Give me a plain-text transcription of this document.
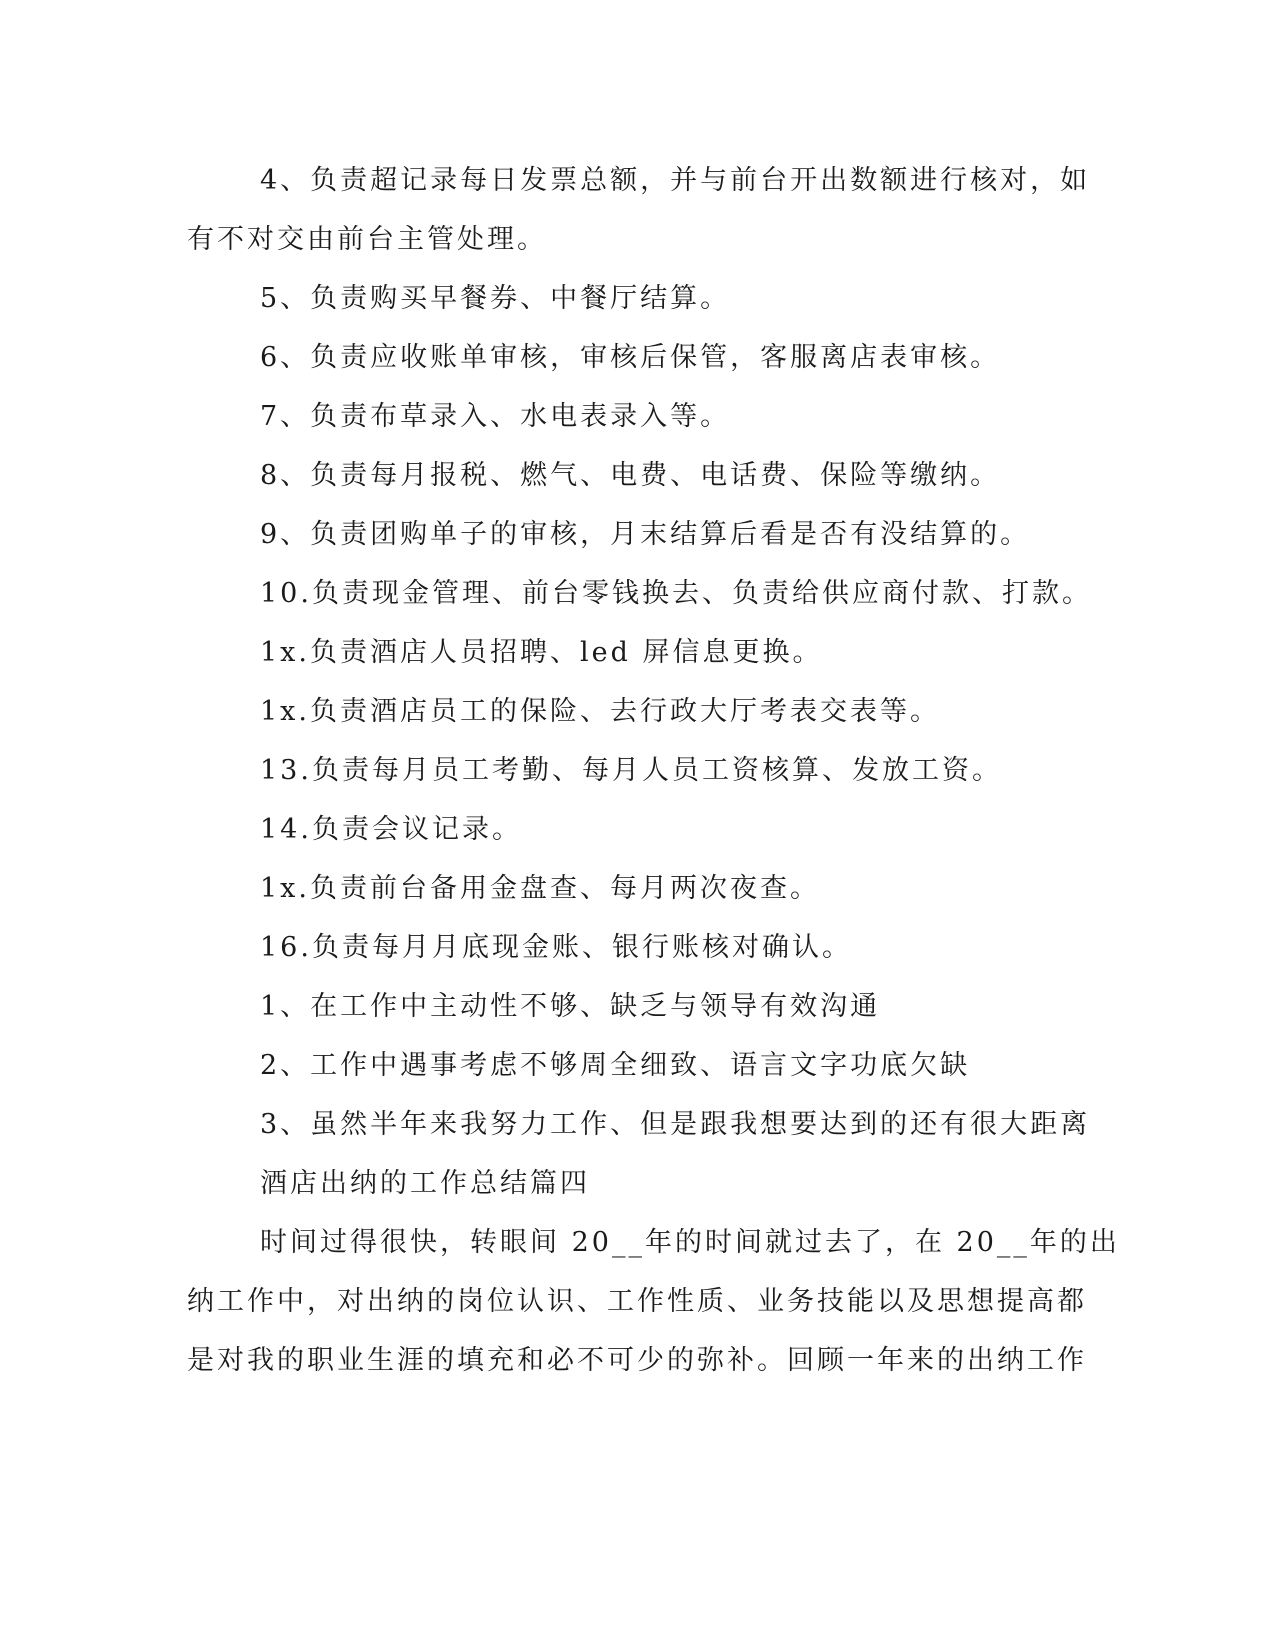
4、负责超记录每日发票总额，并与前台开出数额进行核对，如
有不对交由前台主管处理。
5、负责购买早餐券、中餐厅结算。
6、负责应收账单审核，审核后保管，客服离店表审核。
7、负责布草录入、水电表录入等。
8、负责每月报税、燃气、电费、电话费、保险等缴纳。
9、负责团购单子的审核，月末结算后看是否有没结算的。
10.负责现金管理、前台零钱换去、负责给供应商付款、打款。
1x.负责酒店人员招聘、led 屏信息更换。
1x.负责酒店员工的保险、去行政大厅考表交表等。
13.负责每月员工考勤、每月人员工资核算、发放工资。
14.负责会议记录。
1x.负责前台备用金盘查、每月两次夜查。
16.负责每月月底现金账、银行账核对确认。
1、在工作中主动性不够、缺乏与领导有效沟通
2、工作中遇事考虑不够周全细致、语言文字功底欠缺
3、虽然半年来我努力工作、但是跟我想要达到的还有很大距离
酒店出纳的工作总结篇四
时间过得很快，转眼间 20__年的时间就过去了，在 20__年的出
纳工作中，对出纳的岗位认识、工作性质、业务技能以及思想提高都
是对我的职业生涯的填充和必不可少的弥补。回顾一年来的出纳工作
